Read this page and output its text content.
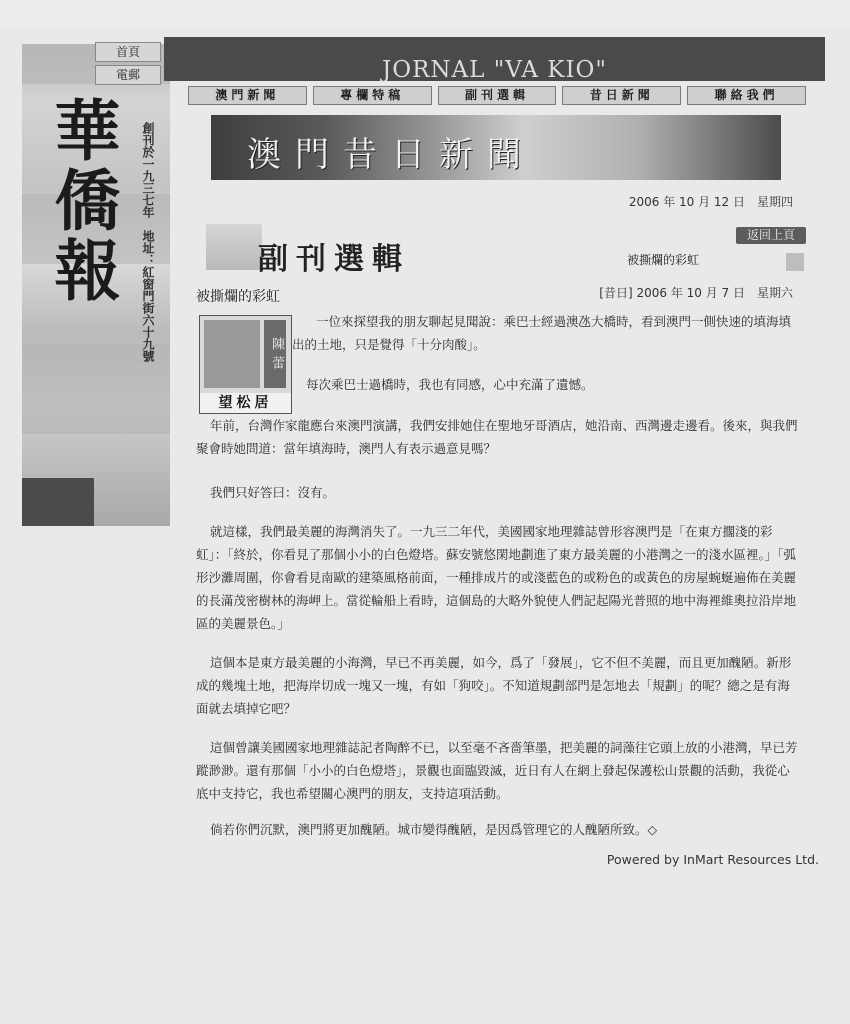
華僑報	創刊於一九三七年　地址：紅窗門街六十九號
首頁
電郵	JORNAL "VA KIO"
澳門新聞	專欄特稿	副刊選輯	昔日新聞	聯絡我們
澳門昔日新聞
2006 年 10 月 12 日　星期四
返回上頁
副刊選輯	被撕爛的彩虹
被撕爛的彩虹	[昔日] 2006 年 10 月 7 日　星期六
陳蕾
望松居
一位來探望我的朋友聊起見聞說：乘巴士經過澳氹大橋時，看到澳門一側快速的填海填出的土地，只是覺得「十分肉酸」。
每次乘巴士過橋時，我也有同感，心中充滿了遺憾。
年前，台灣作家龍應台來澳門演講，我們安排她住在聖地牙哥酒店，她沿南、西灣邊走邊看。後來，與我們聚會時她問道：當年填海時，澳門人有表示過意見嗎？
我們只好答曰：沒有。
就這樣，我們最美麗的海灣消失了。一九三二年代，美國國家地理雜誌曾形容澳門是「在東方擱淺的彩虹」：「終於，你看見了那個小小的白色燈塔。蘇安號悠閑地劃進了東方最美麗的小港灣之一的淺水區裡。」「弧形沙灘周圍，你會看見南歐的建築風格前面，一種排成片的或淺藍色的或粉色的或黃色的房屋蜿蜒遍佈在美麗的長滿茂密樹林的海岬上。當從輪船上看時，這個島的大略外貌使人們記起陽光普照的地中海裡維奧拉沿岸地區的美麗景色。」
這個本是東方最美麗的小海灣，早已不再美麗，如今，爲了「發展」，它不但不美麗，而且更加醜陋。新形成的幾塊土地，把海岸切成一塊又一塊，有如「狗咬」。不知道規劃部門是怎地去「規劃」的呢？總之是有海面就去填掉它吧？
這個曾讓美國國家地理雜誌記者陶醉不已，以至毫不吝嗇筆墨，把美麗的詞藻往它頭上放的小港灣，早已芳蹤渺渺。還有那個「小小的白色燈塔」，景觀也面臨毀滅，近日有人在網上發起保護松山景觀的活動，我從心底中支持它，我也希望關心澳門的朋友，支持這項活動。
倘若你們沉默，澳門將更加醜陋。城市變得醜陋，是因爲管理它的人醜陋所致。◇
Powered by InMart Resources Ltd.
